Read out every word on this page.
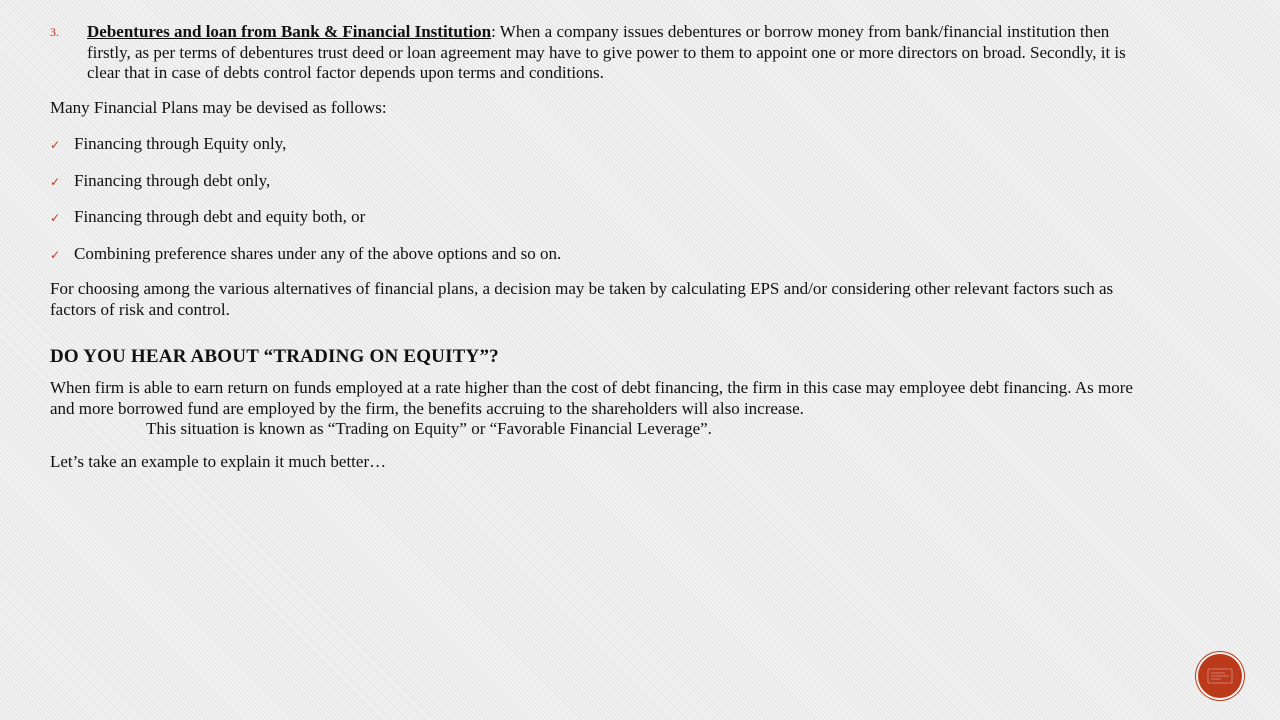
3. Debentures and loan from Bank & Financial Institution: When a company issues debentures or borrow money from bank/financial institution then firstly, as per terms of debentures trust deed or loan agreement may have to give power to them to appoint one or more directors on broad. Secondly, it is clear that in case of debts control factor depends upon terms and conditions.

Many Financial Plans may be devised as follows:

✓ Financing through Equity only,
✓ Financing through debt only,
✓ Financing through debt and equity both, or
✓ Combining preference shares under any of the above options and so on.

For choosing among the various alternatives of financial plans, a decision may be taken by calculating EPS and/or considering other relevant factors such as factors of risk and control.

DO YOU HEAR ABOUT “TRADING ON EQUITY”?

When firm is able to earn return on funds employed at a rate higher than the cost of debt financing, the firm in this case may employee debt financing. As more and more borrowed fund are employed by the firm, the benefits accruing to the shareholders will also increase.

This situation is known as “Trading on Equity” or “Favorable Financial Leverage”.

Let’s take an example to explain it much better…
